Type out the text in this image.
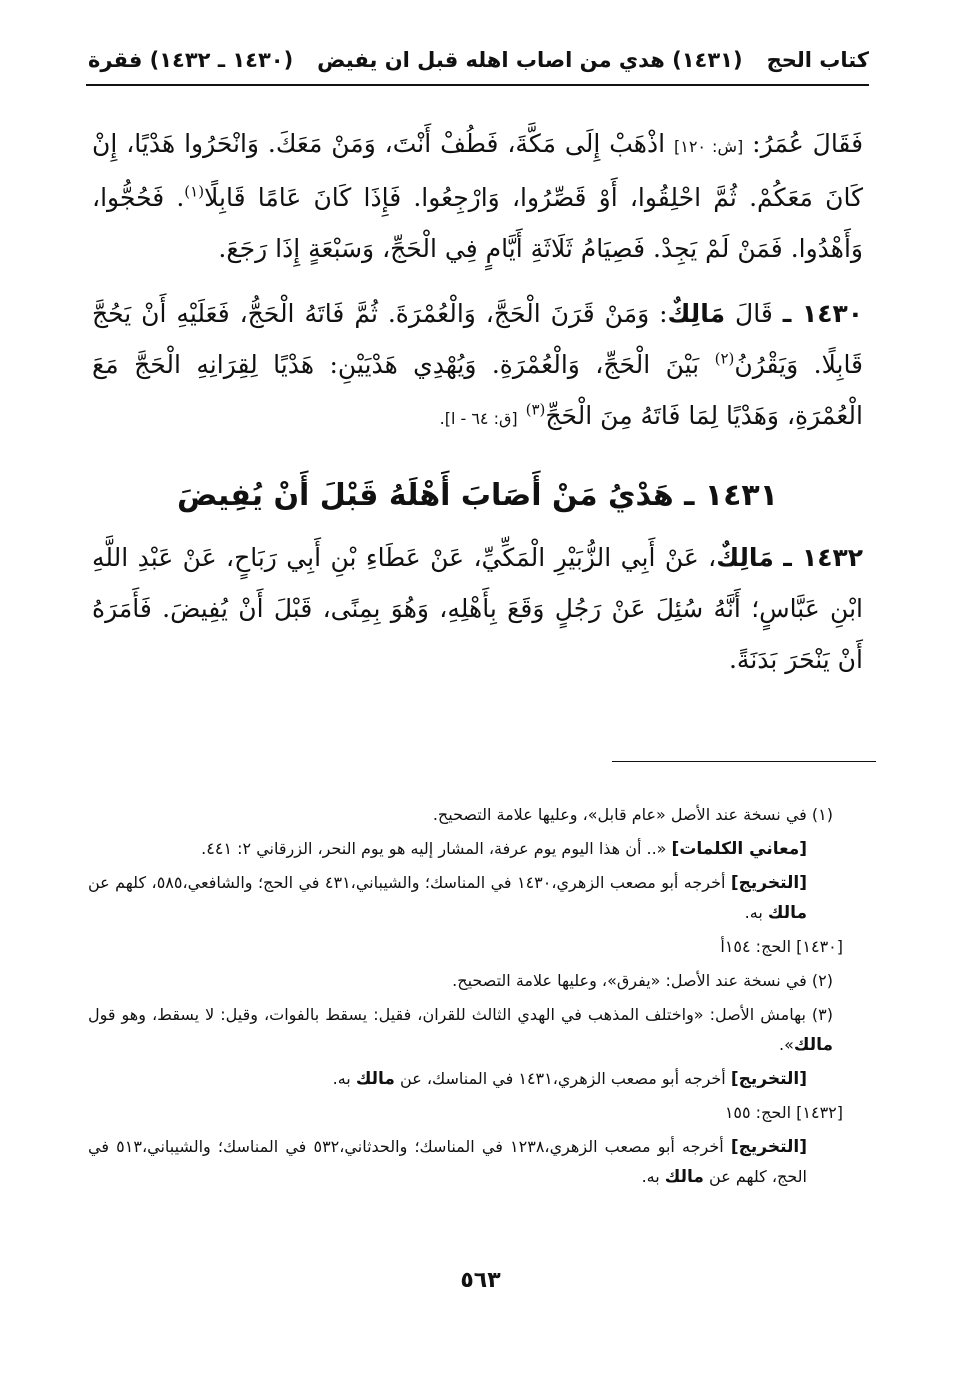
كتاب الحج
(١٤٣١) هدي من اصاب اهله قبل ان يفيض
(١٤٣٠ ـ ١٤٣٢) فقرة

فَقَالَ عُمَرُ: [ش: ١٢٠] اذْهَبْ إِلَى مَكَّةَ، فَطُفْ أَنْتَ، وَمَنْ مَعَكَ. وَانْحَرُوا هَدْيًا، إِنْ كَانَ مَعَكُمْ. ثُمَّ احْلِقُوا، أَوْ قَصِّرُوا، وَارْجِعُوا. فَإِذَا كَانَ عَامًا قَابِلًا$^{(١)}$. فَحُجُّوا، وَأَهْدُوا. فَمَنْ لَمْ يَجِدْ. فَصِيَامُ ثَلَاثَةِ أَيَّامٍ فِي الْحَجِّ، وَسَبْعَةٍ إِذَا رَجَعَ.

١٤٣٠ ـ قَالَ مَالِكٌ: وَمَنْ قَرَنَ الْحَجَّ، وَالْعُمْرَةَ. ثُمَّ فَاتَهُ الْحَجُّ، فَعَلَيْهِ أَنْ يَحُجَّ قَابِلًا. وَيَقْرُنُ$^{(٢)}$ بَيْنَ الْحَجِّ، وَالْعُمْرَةِ. وَيُهْدِي هَدْيَيْنِ: هَدْيًا لِقِرَانِهِ الْحَجَّ مَعَ الْعُمْرَةِ، وَهَدْيًا لِمَا فَاتَهُ مِنَ الْحَجِّ$^{(٣)}$ [ق: ٦٤ - ا].

١٤٣١ ـ هَدْيُ مَنْ أَصَابَ أَهْلَهُ قَبْلَ أَنْ يُفِيضَ

١٤٣٢ ـ مَالِكٌ، عَنْ أَبِي الزُّبَيْرِ الْمَكِّيِّ، عَنْ عَطَاءِ بْنِ أَبِي رَبَاحٍ، عَنْ عَبْدِ اللَّهِ ابْنِ عَبَّاسٍ؛ أَنَّهُ سُئِلَ عَنْ رَجُلٍ وَقَعَ بِأَهْلِهِ، وَهُوَ بِمِنًى، قَبْلَ أَنْ يُفِيضَ. فَأَمَرَهُ أَنْ يَنْحَرَ بَدَنَةً.

(١) في نسخة عند الأصل «عام قابل»، وعليها علامة التصحيح.

[معاني الكلمات] «.. أن هذا اليوم يوم عرفة، المشار إليه هو يوم النحر، الزرقاني ٢: ٤٤١.

[التخريج] أخرجه أبو مصعب الزهري،١٤٣٠ في المناسك؛ والشيباني،٤٣١ في الحج؛ والشافعي،٥٨٥، كلهم عن مالك به.

[١٤٣٠] الحج: ١٥٤أ

(٢) في نسخة عند الأصل: «يفرق»، وعليها علامة التصحيح.

(٣) بهامش الأصل: «واختلف المذهب في الهدي الثالث للقران، فقيل: يسقط بالفوات، وقيل: لا يسقط، وهو قول مالك».

[التخريج] أخرجه أبو مصعب الزهري،١٤٣١ في المناسك، عن مالك به.

[١٤٣٢] الحج: ١٥٥

[التخريج] أخرجه أبو مصعب الزهري،١٢٣٨ في المناسك؛ والحدثاني،٥٣٢ في المناسك؛ والشيباني،٥١٣ في الحج، كلهم عن مالك به.

٥٦٣
